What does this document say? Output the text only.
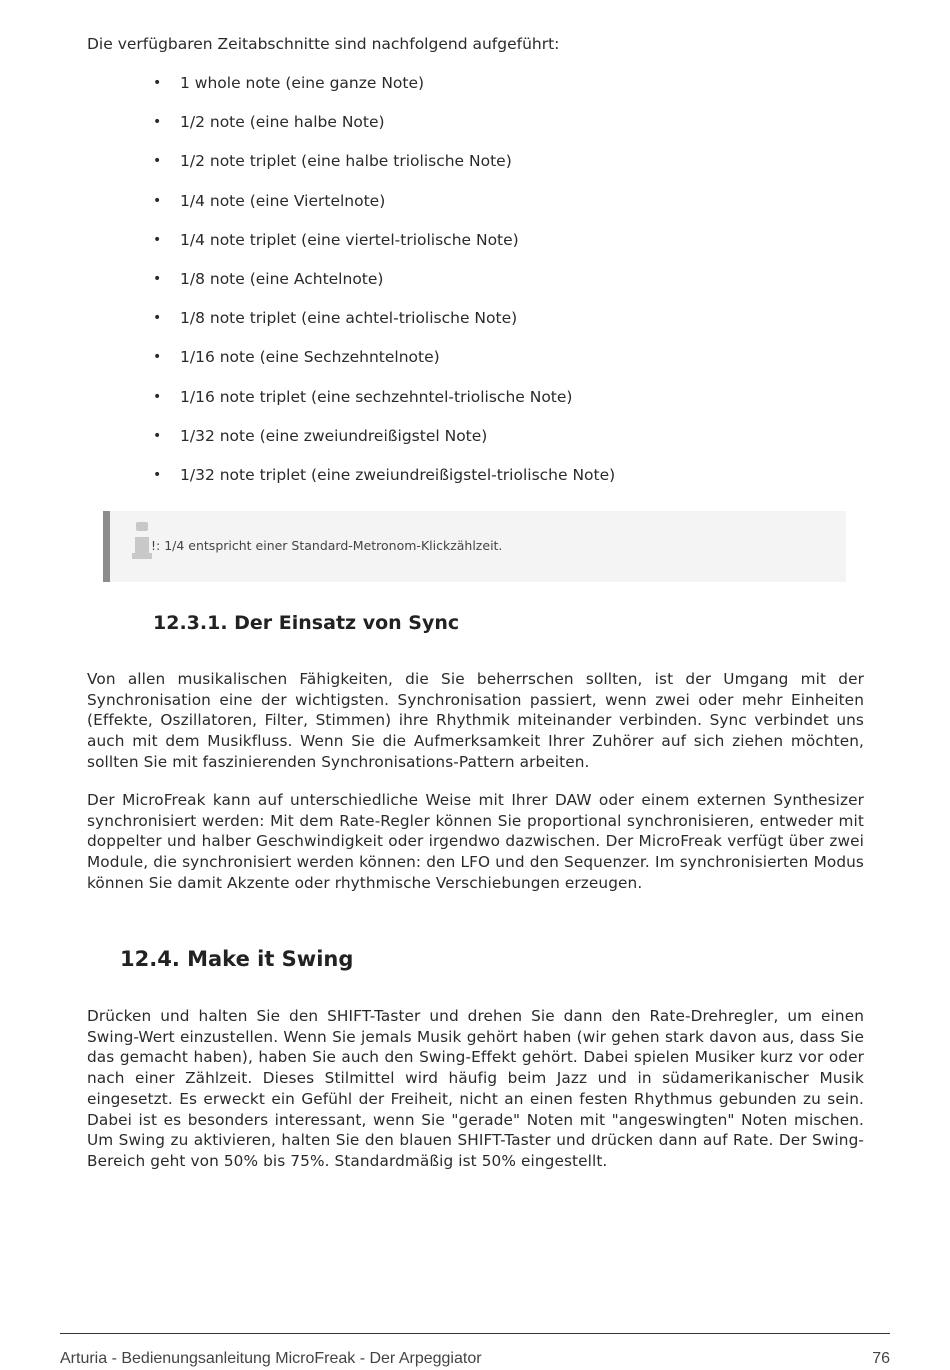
Die verfügbaren Zeitabschnitte sind nachfolgend aufgeführt:

• 1 whole note (eine ganze Note)
• 1/2 note (eine halbe Note)
• 1/2 note triplet (eine halbe triolische Note)
• 1/4 note (eine Viertelnote)
• 1/4 note triplet (eine viertel-triolische Note)
• 1/8 note (eine Achtelnote)
• 1/8 note triplet (eine achtel-triolische Note)
• 1/16 note (eine Sechzehntelnote)
• 1/16 note triplet (eine sechzehntel-triolische Note)
• 1/32 note (eine zweiundreißigstel Note)
• 1/32 note triplet (eine zweiundreißigstel-triolische Note)
!: 1/4 entspricht einer Standard-Metronom-Klickzählzeit.
12.3.1. Der Einsatz von Sync

Von allen musikalischen Fähigkeiten, die Sie beherrschen sollten, ist der Umgang mit der Synchronisation eine der wichtigsten. Synchronisation passiert, wenn zwei oder mehr Einheiten (Effekte, Oszillatoren, Filter, Stimmen) ihre Rhythmik miteinander verbinden. Sync verbindet uns auch mit dem Musikfluss. Wenn Sie die Aufmerksamkeit Ihrer Zuhörer auf sich ziehen möchten, sollten Sie mit faszinierenden Synchronisations-Pattern arbeiten.

Der MicroFreak kann auf unterschiedliche Weise mit Ihrer DAW oder einem externen Synthesizer synchronisiert werden: Mit dem Rate-Regler können Sie proportional synchronisieren, entweder mit doppelter und halber Geschwindigkeit oder irgendwo dazwischen. Der MicroFreak verfügt über zwei Module, die synchronisiert werden können: den LFO und den Sequenzer. Im synchronisierten Modus können Sie damit Akzente oder rhythmische Verschiebungen erzeugen.

12.4. Make it Swing

Drücken und halten Sie den SHIFT-Taster und drehen Sie dann den Rate-Drehregler, um einen Swing-Wert einzustellen. Wenn Sie jemals Musik gehört haben (wir gehen stark davon aus, dass Sie das gemacht haben), haben Sie auch den Swing-Effekt gehört. Dabei spielen Musiker kurz vor oder nach einer Zählzeit. Dieses Stilmittel wird häufig beim Jazz und in südamerikanischer Musik eingesetzt. Es erweckt ein Gefühl der Freiheit, nicht an einen festen Rhythmus gebunden zu sein. Dabei ist es besonders interessant, wenn Sie "gerade" Noten mit "angeswingten" Noten mischen. Um Swing zu aktivieren, halten Sie den blauen SHIFT-Taster und drücken dann auf Rate. Der Swing-Bereich geht von 50% bis 75%. Standardmäßig ist 50% eingestellt.

Arturia - Bedienungsanleitung MicroFreak - Der Arpeggiator	76
